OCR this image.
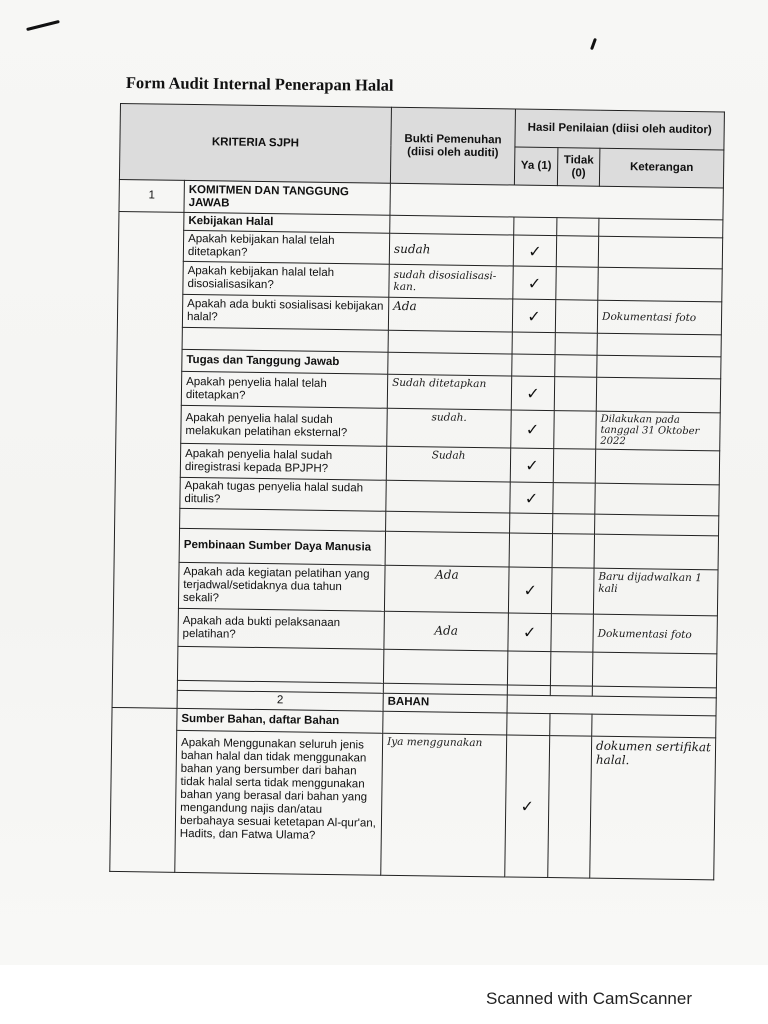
Form Audit Internal Penerapan Halal
KRITERIA SJPH		Bukti Pemenuhan (diisi oleh auditi)	Hasil Penilaian (diisi oleh auditor)		
			Ya (1)	Tidak (0)	Keterangan
1	KOMITMEN DAN TANGGUNG JAWAB				
	Kebijakan Halal				
	Apakah kebijakan halal telah ditetapkan?	sudah	✓		
	Apakah kebijakan halal telah disosialisasikan?	sudah disosialisasi-kan.	✓		
	Apakah ada bukti sosialisasi kebijakan halal?	Ada	✓		Dokumentasi foto

	Tugas dan Tanggung Jawab				
	Apakah penyelia halal telah ditetapkan?	Sudah ditetapkan	✓		
	Apakah penyelia halal sudah melakukan pelatihan eksternal?	sudah.	✓		Dilakukan pada tanggal 31 Oktober 2022
	Apakah penyelia halal sudah diregistrasi kepada BPJPH?	Sudah	✓		
	Apakah tugas penyelia halal sudah ditulis?		✓		

	Pembinaan Sumber Daya Manusia				
	Apakah ada kegiatan pelatihan yang terjadwal/setidaknya dua tahun sekali?	Ada	✓		Baru dijadwalkan 1 kali
	Apakah ada bukti pelaksanaan pelatihan?	Ada	✓		Dokumentasi foto

	2	BAHAN			
	Sumber Bahan, daftar Bahan				
	Apakah Menggunakan seluruh jenis bahan halal dan tidak menggunakan bahan yang bersumber dari bahan tidak halal serta tidak menggunakan bahan yang berasal dari bahan yang mengandung najis dan/atau berbahaya sesuai ketetapan Al-qur'an, Hadits, dan Fatwa Ulama?	Iya menggunakan	✓		dokumen sertifikat halal.
Scanned with CamScanner
